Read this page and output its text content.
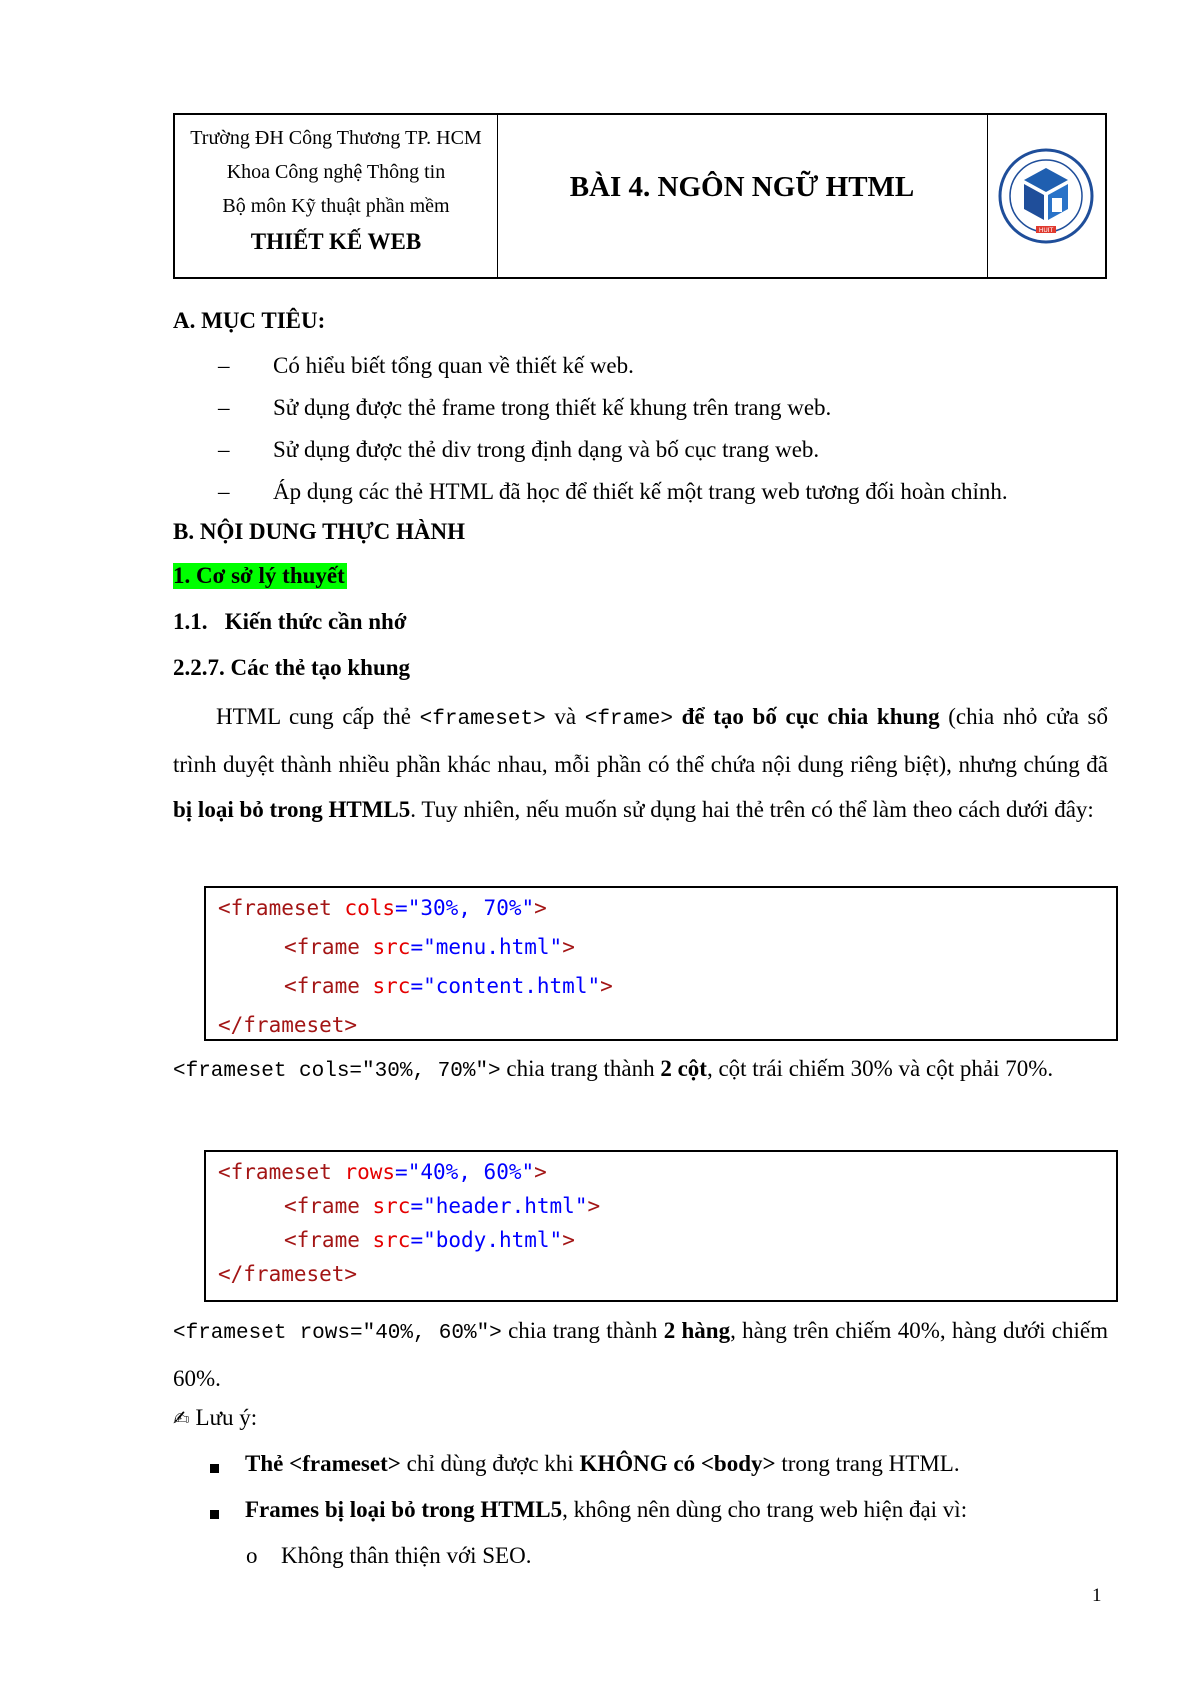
Trường ĐH Công Thương TP. HCM
Khoa Công nghệ Thông tin
Bộ môn Kỹ thuật phần mềm
THIẾT KẾ WEB
BÀI 4. NGÔN NGỮ HTML
HUIT
A. MỤC TIÊU:
– Có hiểu biết tổng quan về thiết kế web.
– Sử dụng được thẻ frame trong thiết kế khung trên trang web.
– Sử dụng được thẻ div trong định dạng và bố cục trang web.
– Áp dụng các thẻ HTML đã học để thiết kế một trang web tương đối hoàn chỉnh.
B. NỘI DUNG THỰC HÀNH
1. Cơ sở lý thuyết
1.1.   Kiến thức cần nhớ
2.2.7. Các thẻ tạo khung
HTML cung cấp thẻ <frameset> và <frame> để tạo bố cục chia khung (chia nhỏ cửa sổ trình duyệt thành nhiều phần khác nhau, mỗi phần có thể chứa nội dung riêng biệt), nhưng chúng đã bị loại bỏ trong HTML5. Tuy nhiên, nếu muốn sử dụng hai thẻ trên có thể làm theo cách dưới đây:
<frameset cols="30%, 70%">
<frame src="menu.html">
<frame src="content.html">
</frameset>
<frameset cols="30%, 70%"> chia trang thành 2 cột, cột trái chiếm 30% và cột phải 70%.
<frameset rows="40%, 60%">
<frame src="header.html">
<frame src="body.html">
</frameset>
<frameset rows="40%, 60%"> chia trang thành 2 hàng, hàng trên chiếm 40%, hàng dưới chiếm 60%.
✍ Lưu ý:
Thẻ <frameset> chỉ dùng được khi KHÔNG có <body> trong trang HTML.
Frames bị loại bỏ trong HTML5, không nên dùng cho trang web hiện đại vì:
o Không thân thiện với SEO.
1
